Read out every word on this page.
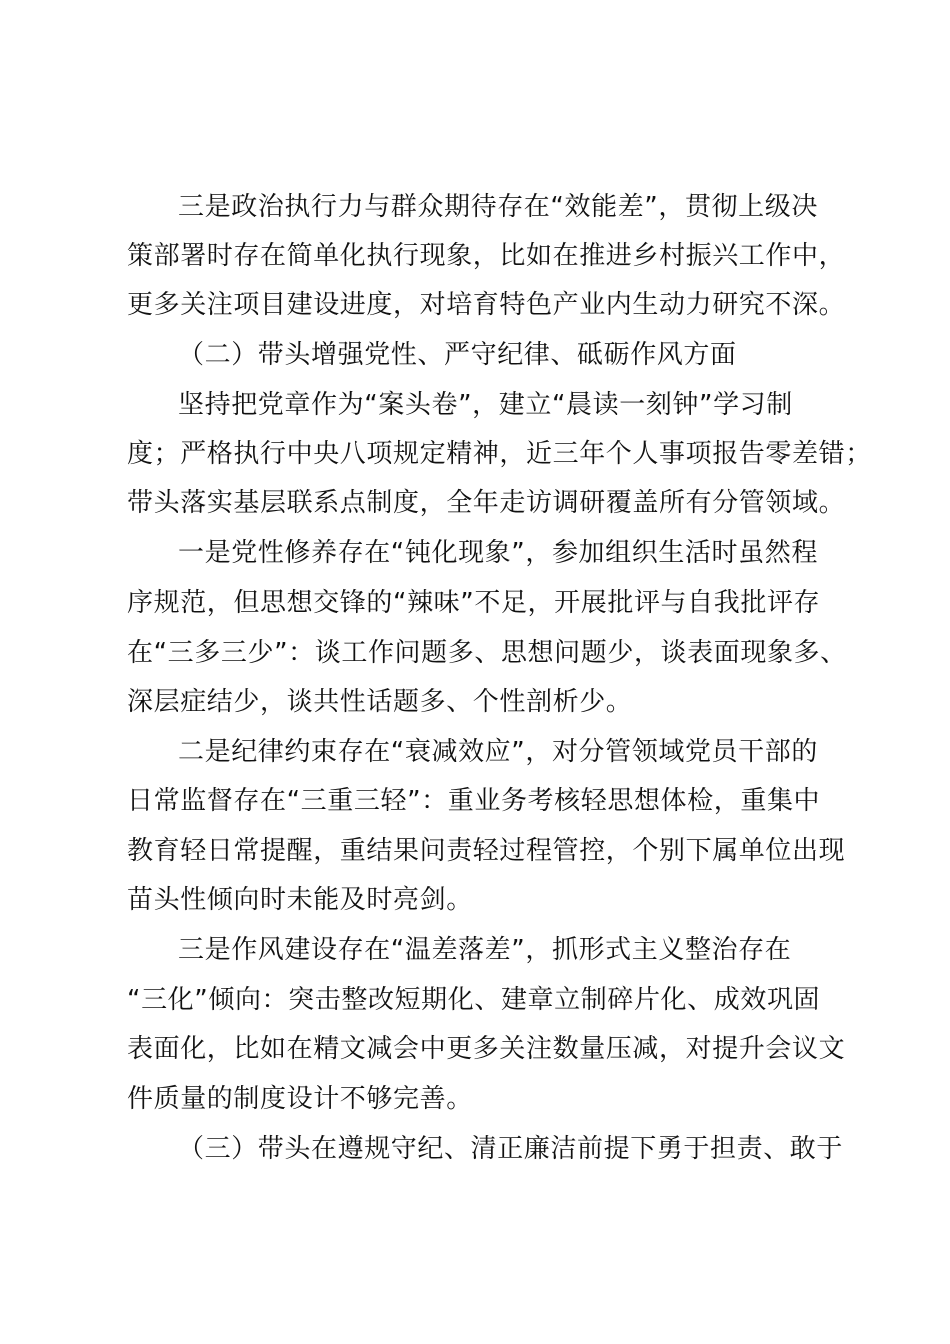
三是政治执行力与群众期待存在“效能差”，贯彻上级决
策部署时存在简单化执行现象，比如在推进乡村振兴工作中，
更多关注项目建设进度，对培育特色产业内生动力研究不深。
（二）带头增强党性、严守纪律、砥砺作风方面
坚持把党章作为“案头卷”，建立“晨读一刻钟”学习制
度；严格执行中央八项规定精神，近三年个人事项报告零差错；
带头落实基层联系点制度，全年走访调研覆盖所有分管领域。
一是党性修养存在“钝化现象”，参加组织生活时虽然程
序规范，但思想交锋的“辣味”不足，开展批评与自我批评存
在“三多三少”：谈工作问题多、思想问题少，谈表面现象多、
深层症结少，谈共性话题多、个性剖析少。
二是纪律约束存在“衰减效应”，对分管领域党员干部的
日常监督存在“三重三轻”：重业务考核轻思想体检，重集中
教育轻日常提醒，重结果问责轻过程管控，个别下属单位出现
苗头性倾向时未能及时亮剑。
三是作风建设存在“温差落差”，抓形式主义整治存在
“三化”倾向：突击整改短期化、建章立制碎片化、成效巩固
表面化，比如在精文减会中更多关注数量压减，对提升会议文
件质量的制度设计不够完善。
（三）带头在遵规守纪、清正廉洁前提下勇于担责、敢于
